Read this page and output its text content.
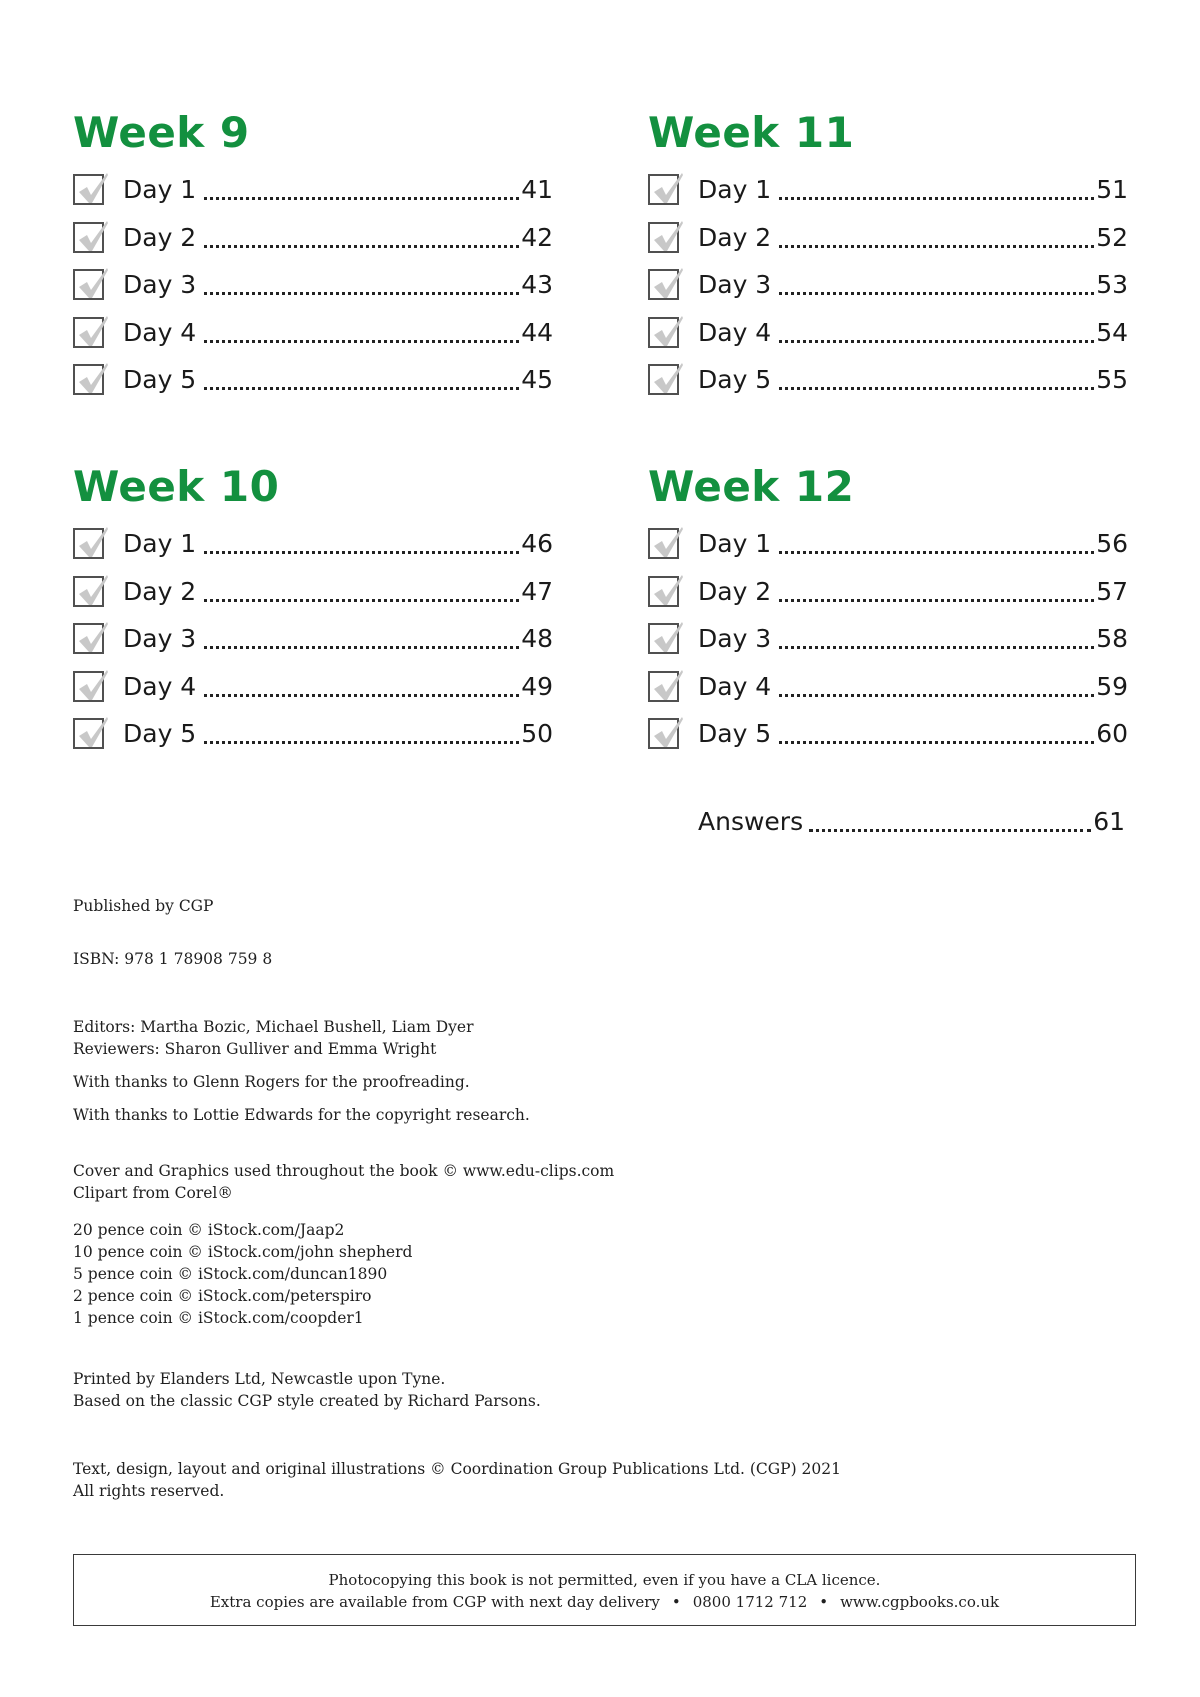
Week 9
Day 1	41
Day 2	42
Day 3	43
Day 4	44
Day 5	45
Week 10
Day 1	46
Day 2	47
Day 3	48
Day 4	49
Day 5	50
Week 11
Day 1	51
Day 2	52
Day 3	53
Day 4	54
Day 5	55
Week 12
Day 1	56
Day 2	57
Day 3	58
Day 4	59
Day 5	60
Answers	61

Published by CGP

ISBN: 978 1 78908 759 8

Editors: Martha Bozic, Michael Bushell, Liam Dyer

Reviewers: Sharon Gulliver and Emma Wright

With thanks to Glenn Rogers for the proofreading.

With thanks to Lottie Edwards for the copyright research.

Cover and Graphics used throughout the book © www.edu-clips.com

Clipart from Corel®

20 pence coin © iStock.com/Jaap2

10 pence coin © iStock.com/john shepherd

5 pence coin © iStock.com/duncan1890

2 pence coin © iStock.com/peterspiro

1 pence coin © iStock.com/coopder1

Printed by Elanders Ltd, Newcastle upon Tyne.

Based on the classic CGP style created by Richard Parsons.

Text, design, layout and original illustrations © Coordination Group Publications Ltd. (CGP) 2021

All rights reserved.

Photocopying this book is not permitted, even if you have a CLA licence.
Extra copies are available from CGP with next day delivery • 0800 1712 712 • www.cgpbooks.co.uk
